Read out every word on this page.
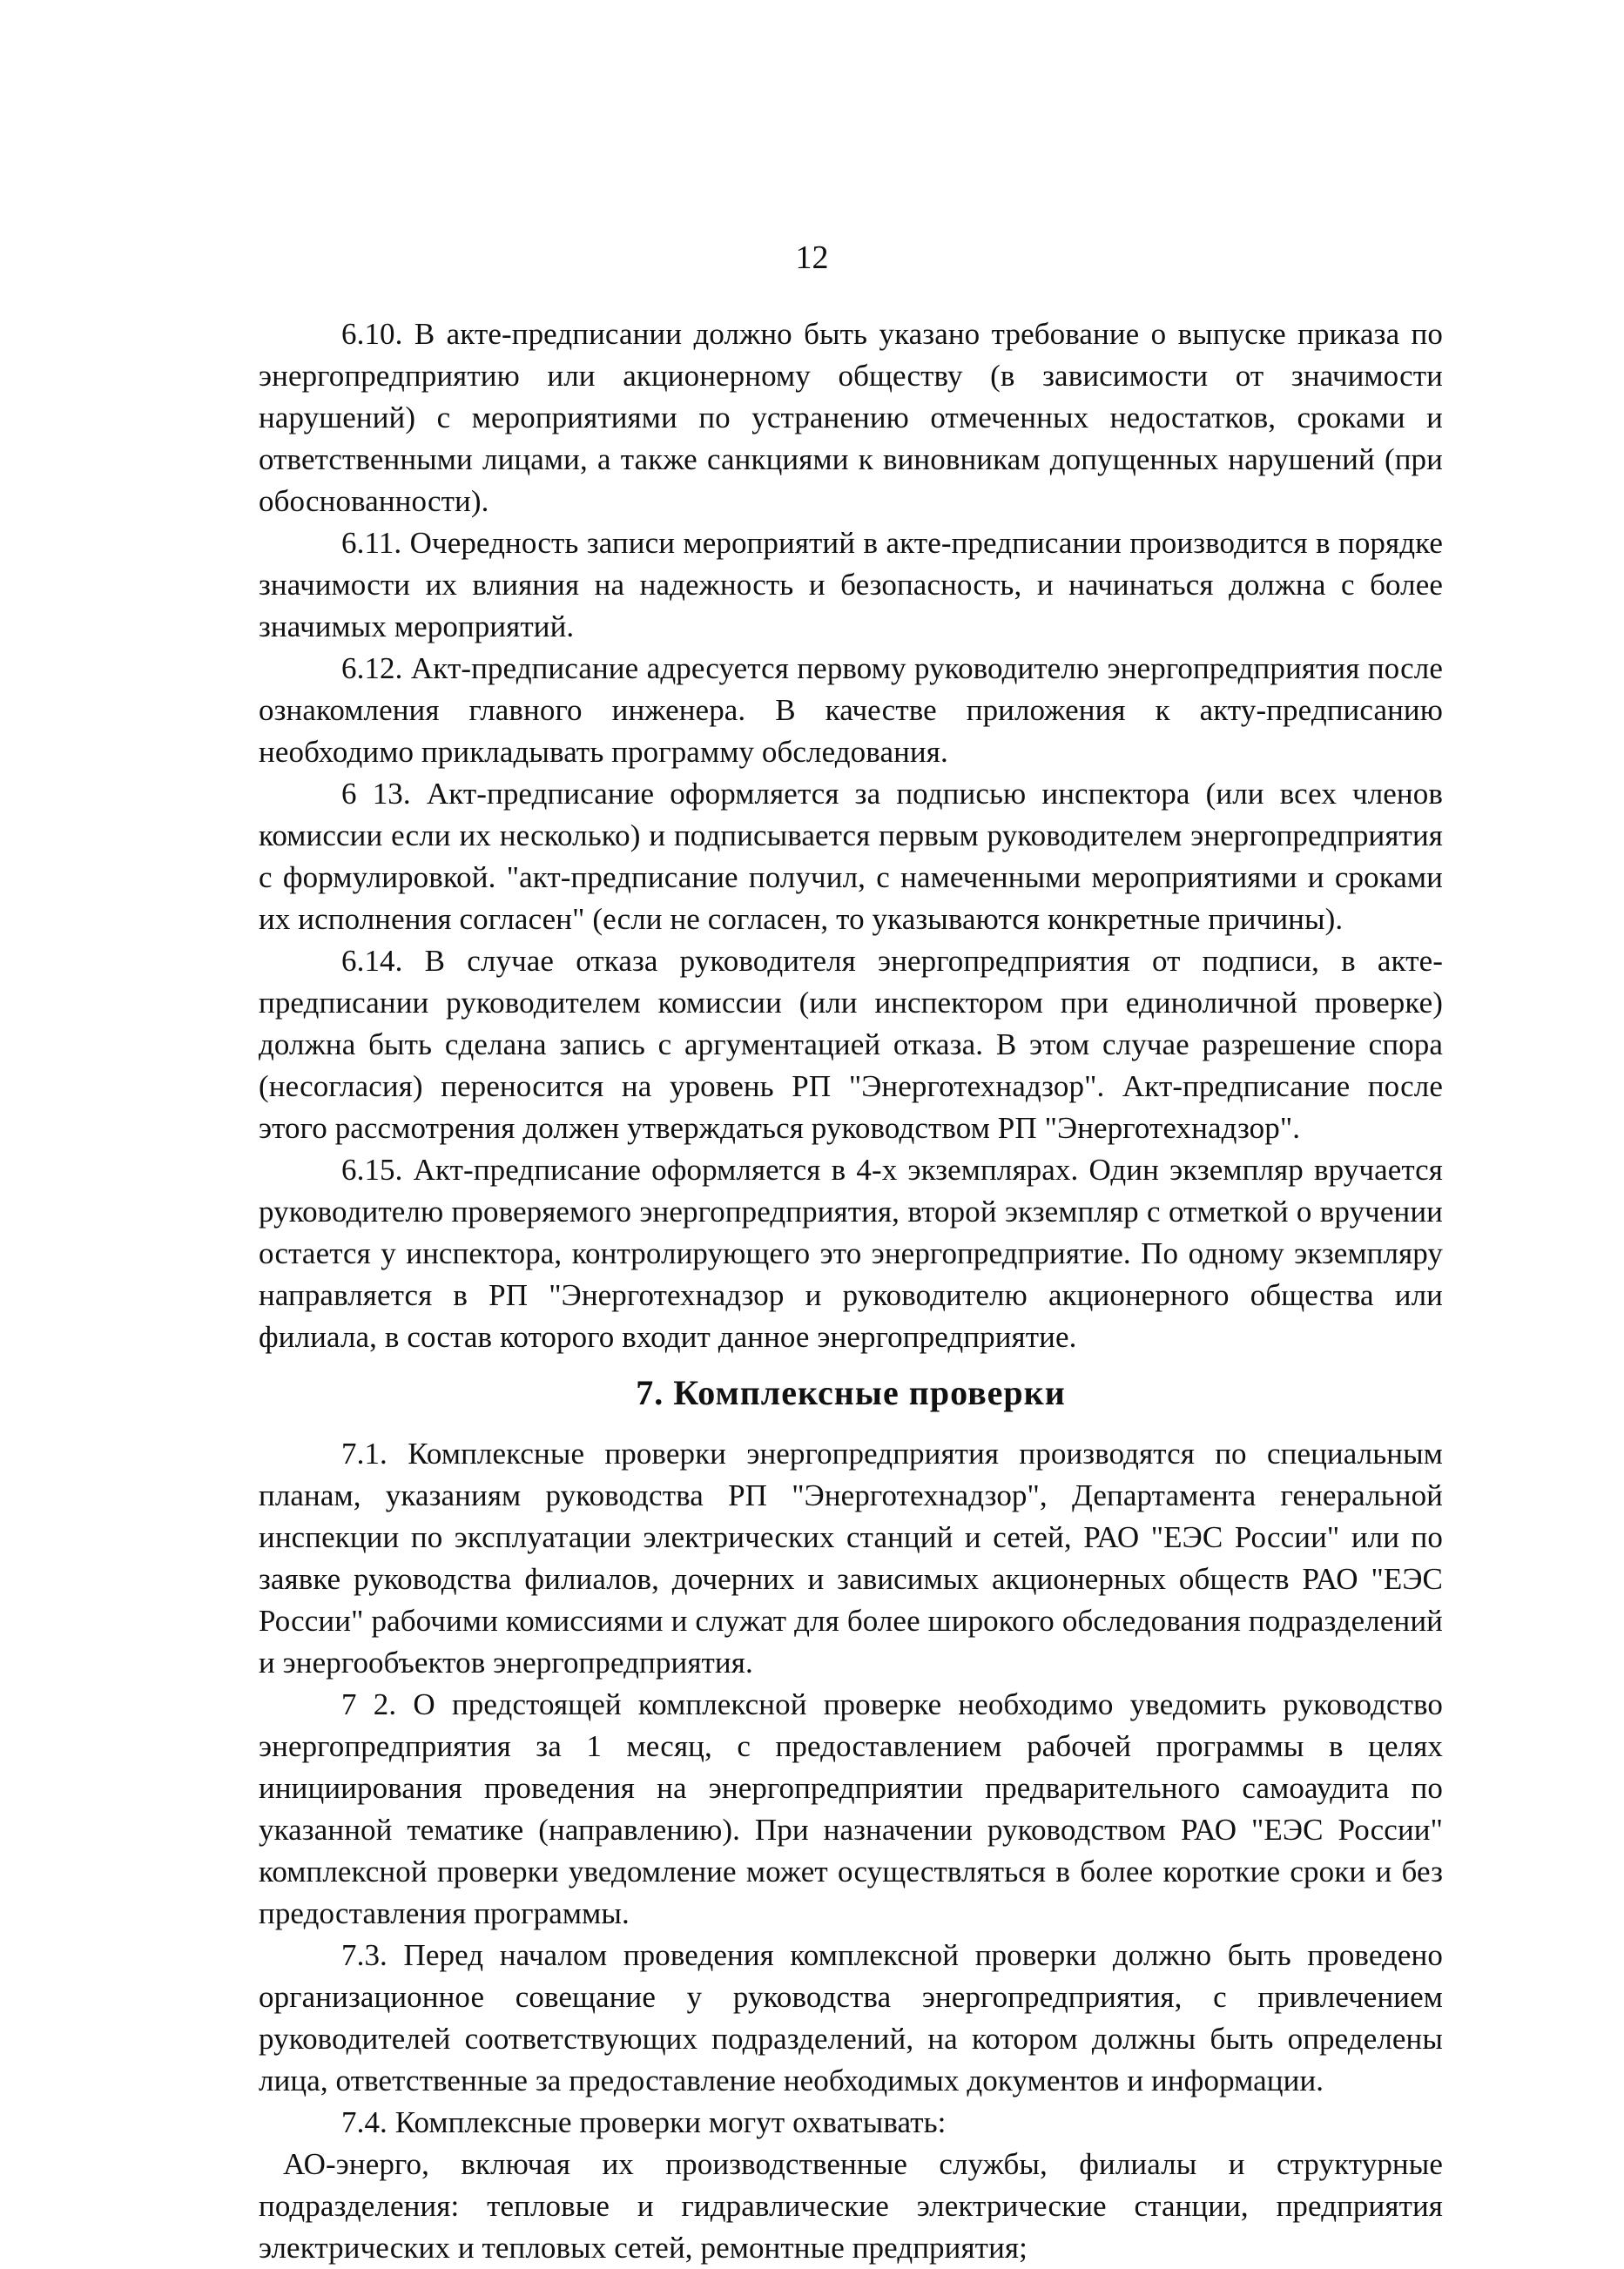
12

6.10. В акте-предписании должно быть указано требование о выпуске приказа по энергопредприятию или акционерному обществу (в зависимости от значимости нарушений) с мероприятиями по устранению отмеченных недостатков, сроками и ответственными лицами, а также санкциями к виновникам допущенных нарушений (при обоснованности).

6.11. Очередность записи мероприятий в акте-предписании производится в порядке значимости их влияния на надежность и безопасность, и начинаться должна с более значимых мероприятий.

6.12. Акт-предписание адресуется первому руководителю энергопредприятия после ознакомления главного инженера. В качестве приложения к акту-предписанию необходимо прикладывать программу обследования.

6 13. Акт-предписание оформляется за подписью инспектора (или всех членов комиссии если их несколько) и подписывается первым руководителем энергопредприятия с формулировкой. "акт-предписание получил, с намеченными мероприятиями и сроками их исполнения согласен" (если не согласен, то указываются конкретные причины).

6.14. В случае отказа руководителя энергопредприятия от подписи, в акте-предписании руководителем комиссии (или инспектором при единоличной проверке) должна быть сделана запись с аргументацией отказа. В этом случае разрешение спора (несогласия) переносится на уровень РП "Энерготехнадзор". Акт-предписание после этого рассмотрения должен утверждаться руководством РП "Энерготехнадзор".

6.15. Акт-предписание оформляется в 4-х экземплярах. Один экземпляр вручается руководителю проверяемого энергопредприятия, второй экземпляр с отметкой о вручении остается у инспектора, контролирующего это энергопредприятие. По одному экземпляру направляется в РП "Энерготехнадзор и руководителю акционерного общества или филиала, в состав которого входит данное энергопредприятие.

7. Комплексные проверки

7.1. Комплексные проверки энергопредприятия производятся по специальным планам, указаниям руководства РП "Энерготехнадзор", Департамента генеральной инспекции по эксплуатации электрических станций и сетей, РАО "ЕЭС России" или по заявке руководства филиалов, дочерних и зависимых акционерных обществ РАО "ЕЭС России" рабочими комиссиями и служат для более широкого обследования подразделений и энергообъектов энергопредприятия.

7 2. О предстоящей комплексной проверке необходимо уведомить руководство энергопредприятия за 1 месяц, с предоставлением рабочей программы в целях инициирования проведения на энергопредприятии предварительного самоаудита по указанной тематике (направлению). При назначении руководством РАО "ЕЭС России" комплексной проверки уведомление может осуществляться в более короткие сроки и без предоставления программы.

7.3. Перед началом проведения комплексной проверки должно быть проведено организационное совещание у руководства энергопредприятия, с привлечением руководителей соответствующих подразделений, на котором должны быть определены лица, ответственные за предоставление необходимых документов и информации.

7.4. Комплексные проверки могут охватывать:

АО-энерго, включая их производственные службы, филиалы и структурные подразделения: тепловые и гидравлические электрические станции, предприятия электрических и тепловых сетей, ремонтные предприятия;
